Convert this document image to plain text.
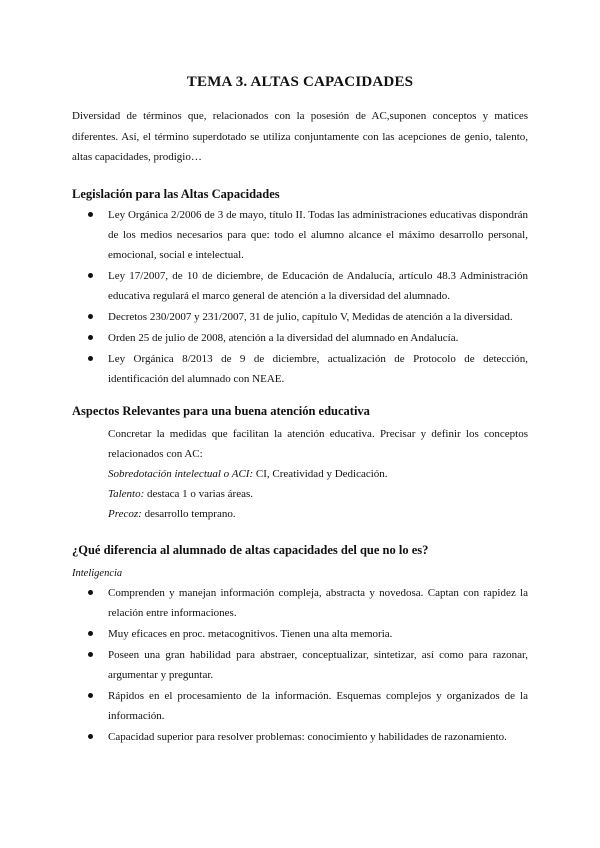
TEMA 3. ALTAS CAPACIDADES
Diversidad de términos que, relacionados con la posesión de AC,suponen conceptos y matices diferentes. Así, el término superdotado se utiliza conjuntamente con las acepciones de genio, talento, altas capacidades, prodigio…
Legislación para las Altas Capacidades
Ley Orgánica 2/2006 de 3 de mayo, título II. Todas las administraciones educativas dispondrán de los medios necesarios para que: todo el alumno alcance el máximo desarrollo personal, emocional, social e intelectual.
Ley 17/2007, de 10 de diciembre, de Educación de Andalucía, artículo 48.3 Administración educativa regulará el marco general de atención a la diversidad del alumnado.
Decretos 230/2007 y 231/2007, 31 de julio, capítulo V, Medidas de atención a la diversidad.
Orden 25 de julio de 2008, atención a la diversidad del alumnado en Andalucía.
Ley Orgánica 8/2013 de 9 de diciembre, actualización de Protocolo de detección, identificación del alumnado con NEAE.
Aspectos Relevantes para una buena atención educativa
Concretar la medidas que facilitan la atención educativa. Precisar y definir los conceptos relacionados con AC:
Sobredotación intelectual o ACI: CI, Creatividad y Dedicación.
Talento: destaca 1 o varias áreas.
Precoz: desarrollo temprano.
¿Qué diferencia al alumnado de altas capacidades del que no lo es?
Inteligencia
Comprenden y manejan información compleja, abstracta y novedosa. Captan con rapidez la relación entre informaciones.
Muy eficaces en proc. metacognitivos. Tienen una alta memoria.
Poseen una gran habilidad para abstraer, conceptualizar, sintetizar, así como para razonar, argumentar y preguntar.
Rápidos en el procesamiento de la información. Esquemas complejos y organizados de la información.
Capacidad superior para resolver problemas: conocimiento y habilidades de razonamiento.
